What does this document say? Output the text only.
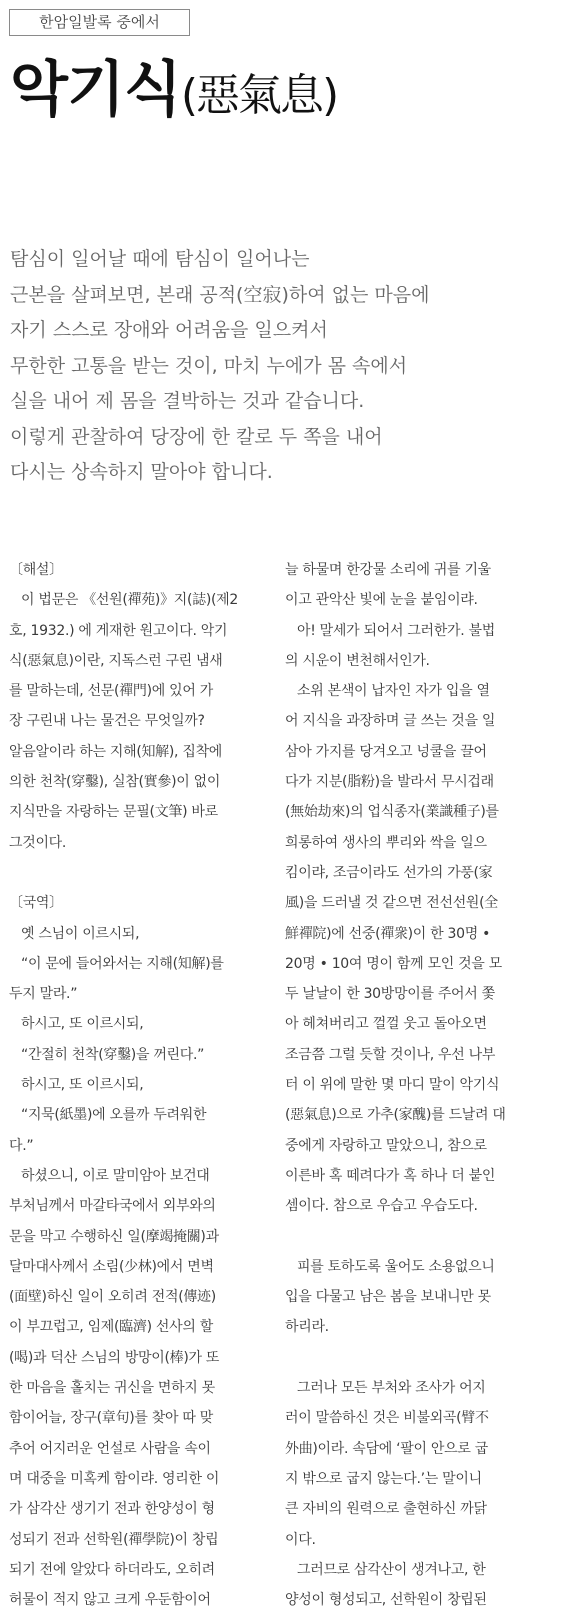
한암일발록 중에서
악기식(惡氣息)
탐심이 일어날 때에 탐심이 일어나는
근본을 살펴보면, 본래 공적(空寂)하여 없는 마음에
자기 스스로 장애와 어려움을 일으켜서
무한한 고통을 받는 것이, 마치 누에가 몸 속에서
실을 내어 제 몸을 결박하는 것과 같습니다.
이렇게 관찰하여 당장에 한 칼로 두 쪽을 내어
다시는 상속하지 말아야 합니다.
〔해설〕
이 법문은 《선원(禪苑)》지(誌)(제2
호, 1932.) 에 게재한 원고이다. 악기
식(惡氣息)이란, 지독스런 구린 냄새
를 말하는데, 선문(禪門)에 있어 가
장 구린내 나는 물건은 무엇일까?
알음알이라 하는 지해(知解), 집착에
의한 천착(穿鑿), 실참(實參)이 없이
지식만을 자랑하는 문필(文筆) 바로
그것이다.
〔국역〕
옛 스님이 이르시되,
“이 문에 들어와서는 지해(知解)를
두지 말라.”
하시고, 또 이르시되,
“간절히 천착(穿鑿)을 꺼린다.”
하시고, 또 이르시되,
“지묵(紙墨)에 오를까 두려워한
다.”
하셨으니, 이로 말미암아 보건대
부처님께서 마갈타국에서 외부와의
문을 막고 수행하신 일(摩竭掩關)과
달마대사께서 소림(少林)에서 면벽
(面壁)하신 일이 오히려 전적(傳迹)
이 부끄럽고, 임제(臨濟) 선사의 할
(喝)과 덕산 스님의 방망이(棒)가 또
한 마음을 홀치는 귀신을 면하지 못
함이어늘, 장구(章句)를 찾아 따 맞
추어 어지러운 언설로 사람을 속이
며 대중을 미혹케 함이랴. 영리한 이
가 삼각산 생기기 전과 한양성이 형
성되기 전과 선학원(禪學院)이 창립
되기 전에 알았다 하더라도, 오히려
허물이 적지 않고 크게 우둔함이어
늘 하물며 한강물 소리에 귀를 기울
이고 관악산 빛에 눈을 붙임이랴.
아! 말세가 되어서 그러한가. 불법
의 시운이 변천해서인가.
소위 본색이 납자인 자가 입을 열
어 지식을 과장하며 글 쓰는 것을 일
삼아 가지를 당겨오고 넝쿨을 끌어
다가 지분(脂粉)을 발라서 무시겁래
(無始劫來)의 업식종자(業識種子)를
희롱하여 생사의 뿌리와 싹을 일으
킴이랴, 조금이라도 선가의 가풍(家
風)을 드러낼 것 같으면 전선선원(全
鮮禪院)에 선중(禪衆)이 한 30명 •
20명 • 10여 명이 함께 모인 것을 모
두 날날이 한 30방망이를 주어서 쫓
아 헤쳐버리고 껄껄 웃고 돌아오면
조금쯤 그럴 듯할 것이나, 우선 나부
터 이 위에 말한 몇 마디 말이 악기식
(惡氣息)으로 가추(家醜)를 드날려 대
중에게 자랑하고 말았으니, 참으로
이른바 혹 떼려다가 혹 하나 더 붙인
셈이다. 참으로 우습고 우습도다.
피를 토하도록 울어도 소용없으니
입을 다물고 남은 봄을 보내니만 못
하리라.
그러나 모든 부처와 조사가 어지
러이 말씀하신 것은 비불외곡(臂不
外曲)이라. 속담에 ‘팔이 안으로 굽
지 밖으로 굽지 않는다.’는 말이니
큰 자비의 원력으로 출현하신 까닭
이다.
그러므로 삼각산이 생겨나고, 한
양성이 형성되고, 선학원이 창립된
